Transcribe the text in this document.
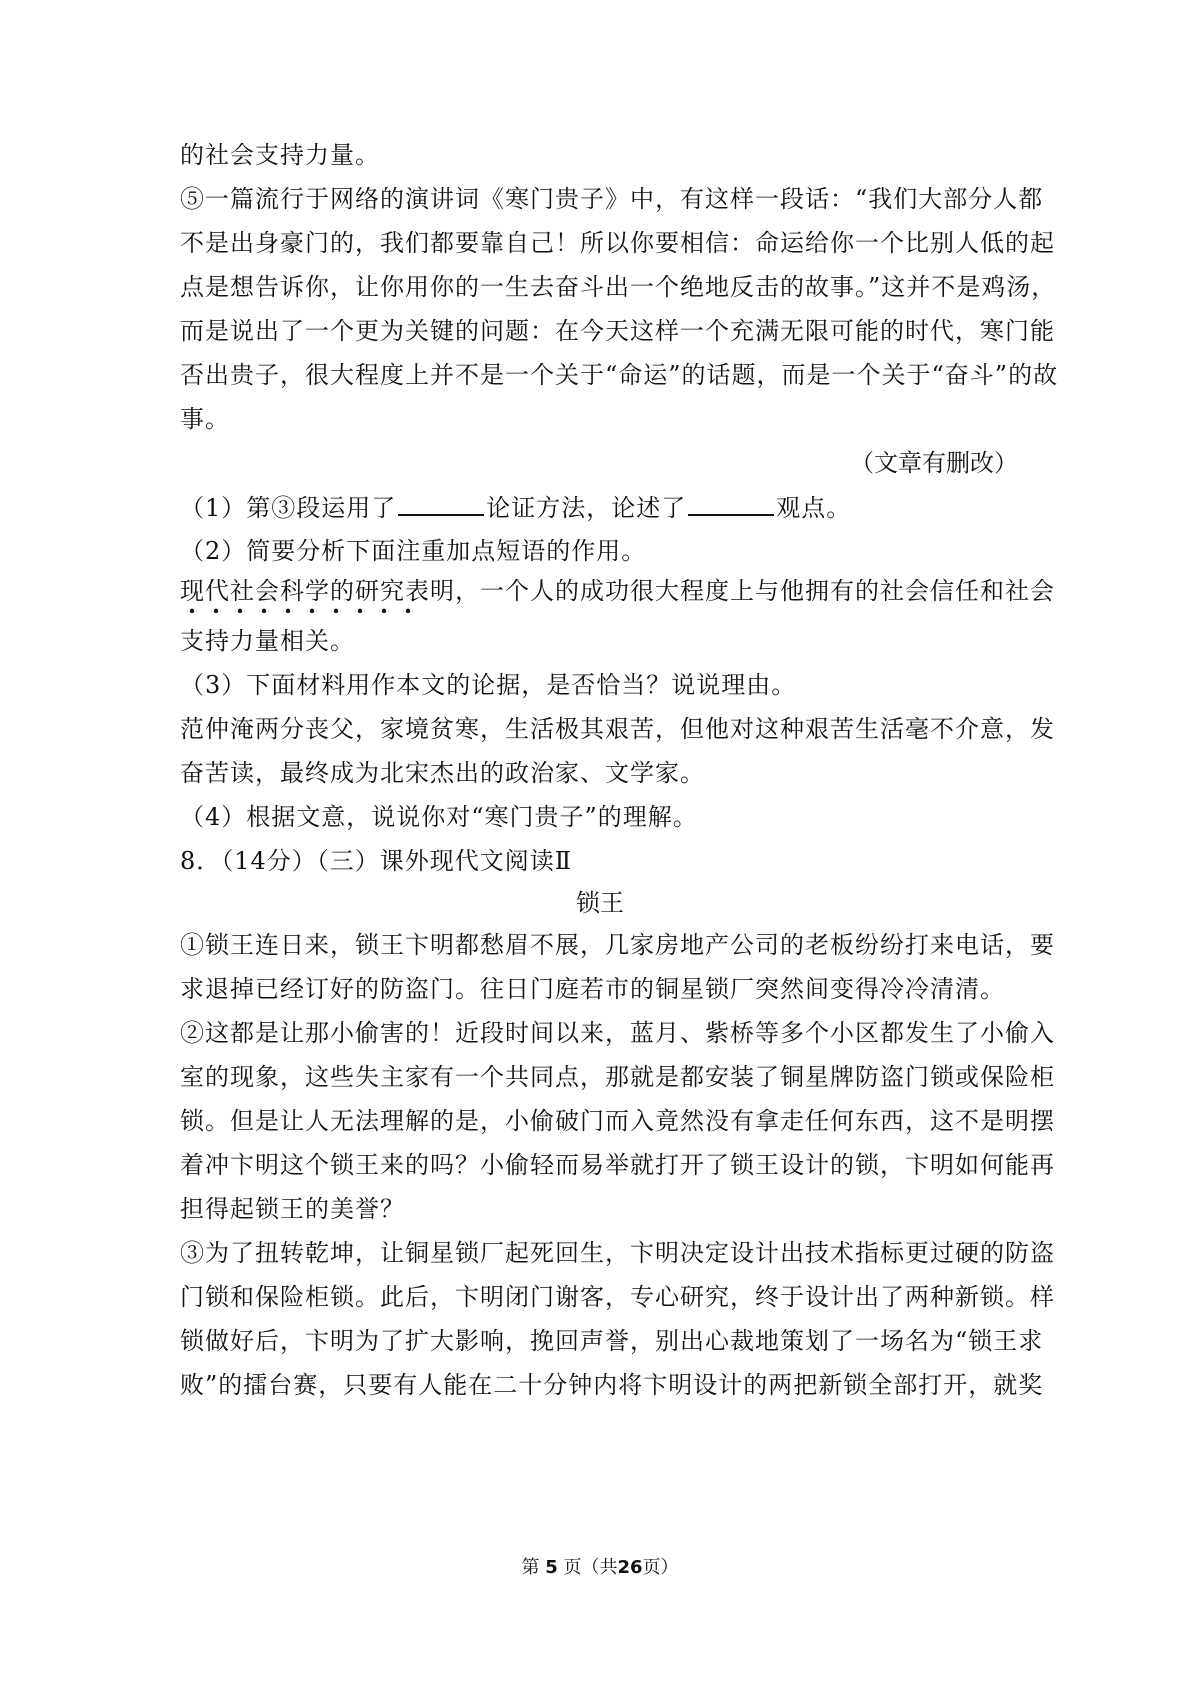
的社会支持力量。
⑤一篇流行于网络的演讲词《寒门贵子》中，有这样一段话：“我们大部分人都
不是出身豪门的，我们都要靠自己！所以你要相信：命运给你一个比别人低的起
点是想告诉你，让你用你的一生去奋斗出一个绝地反击的故事。”这并不是鸡汤，
而是说出了一个更为关键的问题：在今天这样一个充满无限可能的时代，寒门能
否出贵子，很大程度上并不是一个关于“命运”的话题，而是一个关于“奋斗”的故
事。
（文章有删改）
（1）第③段运用了	论证方法，论述了	观点。
（2）简要分析下面注重加点短语的作用。
现代社会科学的研究表明，一个人的成功很大程度上与他拥有的社会信任和社会
支持力量相关。
（3）下面材料用作本文的论据，是否恰当？说说理由。
范仲淹两分丧父，家境贫寒，生活极其艰苦，但他对这种艰苦生活毫不介意，发
奋苦读，最终成为北宋杰出的政治家、文学家。
（4）根据文意，说说你对“寒门贵子”的理解。
8．（14分）（三）课外现代文阅读Ⅱ
锁王
①锁王连日来，锁王卞明都愁眉不展，几家房地产公司的老板纷纷打来电话，要
求退掉已经订好的防盗门。往日门庭若市的铜星锁厂突然间变得冷冷清清。
②这都是让那小偷害的！近段时间以来，蓝月、紫桥等多个小区都发生了小偷入
室的现象，这些失主家有一个共同点，那就是都安装了铜星牌防盗门锁或保险柜
锁。但是让人无法理解的是，小偷破门而入竟然没有拿走任何东西，这不是明摆
着冲卞明这个锁王来的吗？小偷轻而易举就打开了锁王设计的锁，卞明如何能再
担得起锁王的美誉？
③为了扭转乾坤，让铜星锁厂起死回生，卞明决定设计出技术指标更过硬的防盗
门锁和保险柜锁。此后，卞明闭门谢客，专心研究，终于设计出了两种新锁。样
锁做好后，卞明为了扩大影响，挽回声誉，别出心裁地策划了一场名为“锁王求
败”的擂台赛，只要有人能在二十分钟内将卞明设计的两把新锁全部打开，就奖
第 5 页（共26页）
